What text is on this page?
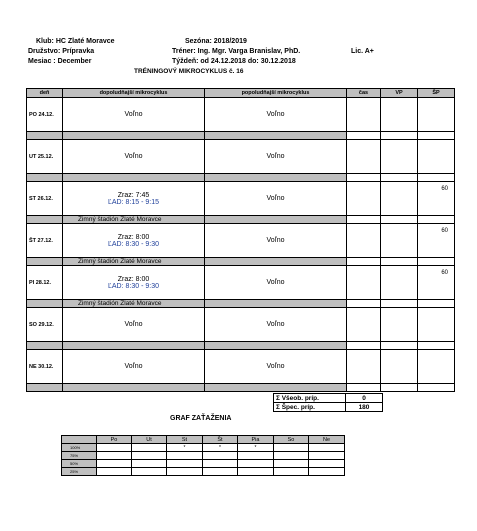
Klub: HC Zlaté Moravce	Sezóna: 2018/2019
Družstvo: Prípravka	Tréner: Ing. Mgr. Varga Branislav, PhD.	Lic. A+
Mesiac : December	Týždeň: od 24.12.2018 do: 30.12.2018
TRÉNINGOVÝ MIKROCYKLUS č. 16
deň	dopoludňajší mikrocyklus	popoludňajší mikrocyklus	čas	VP	ŠP
PO 24.12.	Voľno	Voľno			

UT 25.12.	Voľno	Voľno			

ST 26.12.	Zraz: 7:45
ĽAD: 8:15 - 9:15	Voľno			60
	Zimný štadión Zlaté Moravce				
ŠT 27.12.	Zraz: 8:00
ĽAD: 8:30 - 9:30	Voľno			60
	Zimný štadión Zlaté Moravce				
PI 28.12.	Zraz: 8:00
ĽAD: 8:30 - 9:30	Voľno			60
	Zimný štadión Zlaté Moravce				
SO 29.12.	Voľno	Voľno			

NE 30.12.	Voľno	Voľno			

Σ Všeob. príp.	0
Σ Špec. príp.	180
GRAF ZAŤAŽENIA
	Po	Ut	St	Št	Pia	So	Ne
100%			*	*	*		
75%							
50%							
25%							
